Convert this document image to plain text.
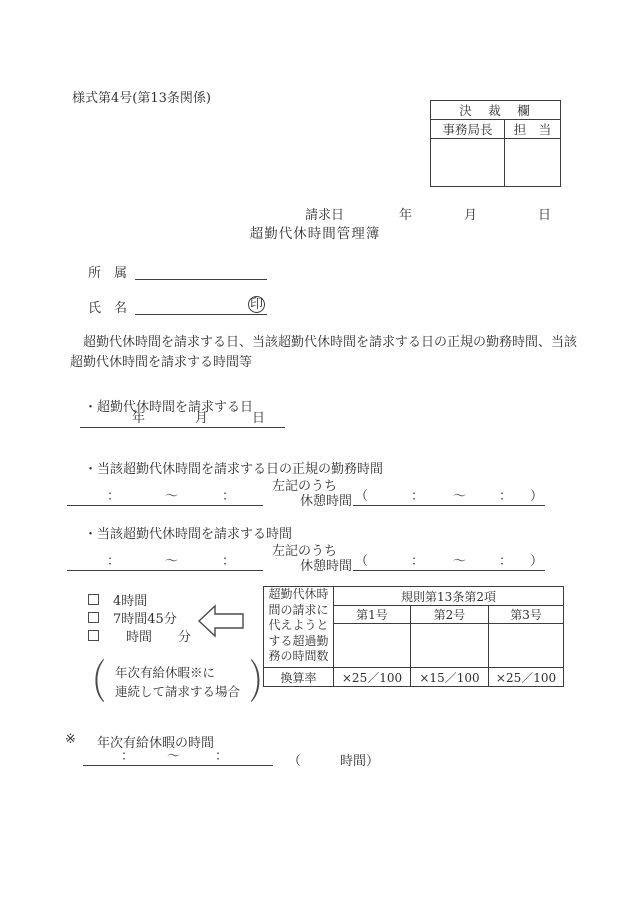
様式第4号(第13条関係)
決　裁　欄	
事務局長	担　当

請求日	年	月	日
超勤代休時間管理簿
所　属
氏　名	印
超勤代休時間を請求する日、当該超勤代休時間を請求する日の正規の勤務時間、当該超勤代休時間を請求する時間等
・超勤代休時間を請求する日
年	月	日
・当該超勤代休時間を請求する日の正規の勤務時間
左記のうち
：	～	：	休憩時間 （	： ～	： ）
・当該超勤代休時間を請求する時間
左記のうち
：	～	：	休憩時間 （	： ～	： ）
4時間
7時間45分
　時間　　分
超勤代休時
間の請求に
代えようと
する超過勤
務の時間数	規則第13条第2項		
	第1号	第2号	第3号

換算率	×25／100	×15／100	×25／100
（ 年次有給休暇※に
連続して請求する場合 ）
※ 年次有給休暇の時間
：	～	：	（	時間）
